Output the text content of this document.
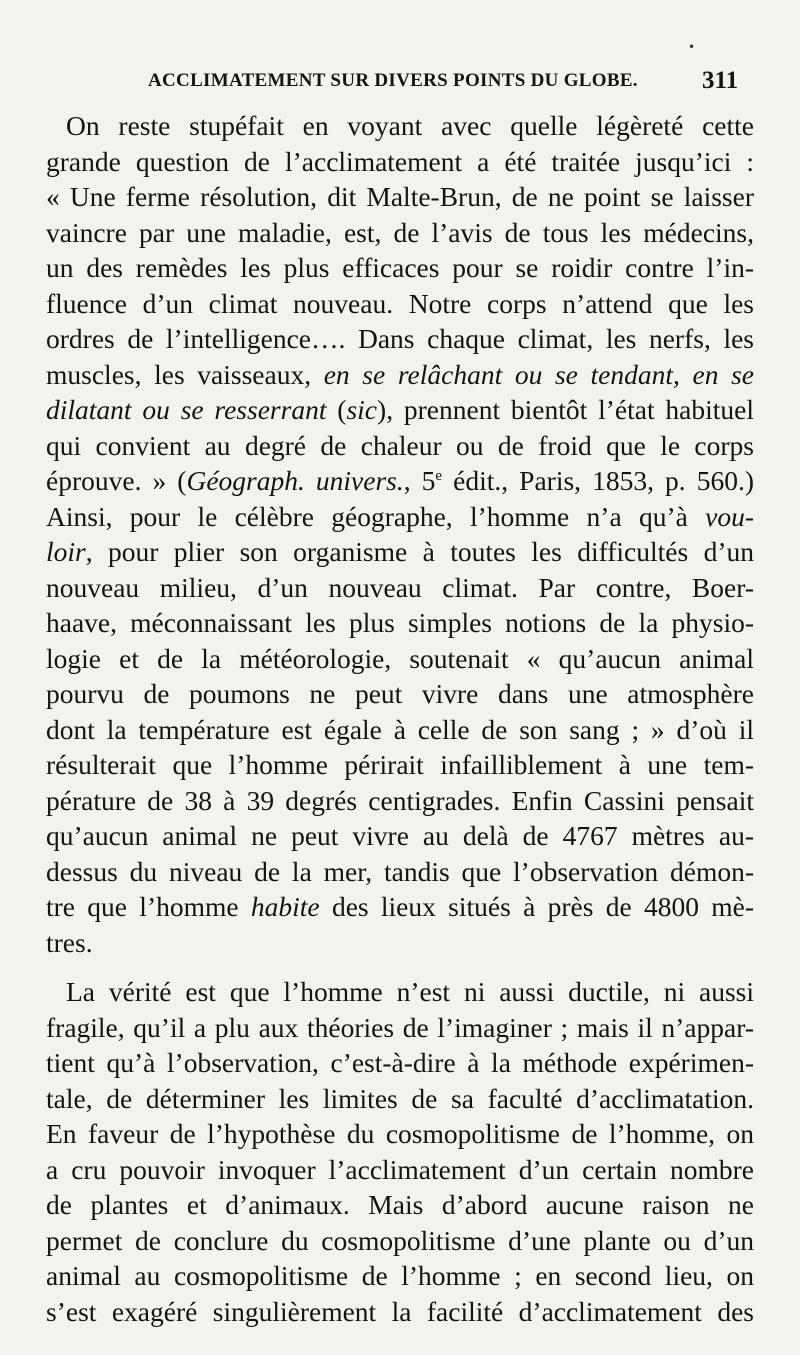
•
ACCLIMATEMENT SUR DIVERS POINTS DU GLOBE.	311
On reste stupéfait en voyant avec quelle légèreté cette
grande question de l’acclimatement a été traitée jusqu’ici :
« Une ferme résolution, dit Malte-Brun, de ne point se laisser
vaincre par une maladie, est, de l’avis de tous les médecins,
un des remèdes les plus efficaces pour se roidir contre l’in-
fluence d’un climat nouveau. Notre corps n’attend que les
ordres de l’intelligence…. Dans chaque climat, les nerfs, les
muscles, les vaisseaux, en se relâchant ou se tendant, en se
dilatant ou se resserrant (sic), prennent bientôt l’état habituel
qui convient au degré de chaleur ou de froid que le corps
éprouve. » (Géograph. univers., 5e édit., Paris, 1853, p. 560.)
Ainsi, pour le célèbre géographe, l’homme n’a qu’à vou-
loir, pour plier son organisme à toutes les difficultés d’un
nouveau milieu, d’un nouveau climat. Par contre, Boer-
haave, méconnaissant les plus simples notions de la physio-
logie et de la météorologie, soutenait « qu’aucun animal
pourvu de poumons ne peut vivre dans une atmosphère
dont la température est égale à celle de son sang ; » d’où il
résulterait que l’homme périrait infailliblement à une tem-
pérature de 38 à 39 degrés centigrades. Enfin Cassini pensait
qu’aucun animal ne peut vivre au delà de 4767 mètres au-
dessus du niveau de la mer, tandis que l’observation démon-
tre que l’homme habite des lieux situés à près de 4800 mè-
tres.
La vérité est que l’homme n’est ni aussi ductile, ni aussi
fragile, qu’il a plu aux théories de l’imaginer ; mais il n’appar-
tient qu’à l’observation, c’est-à-dire à la méthode expérimen-
tale, de déterminer les limites de sa faculté d’acclimatation.
En faveur de l’hypothèse du cosmopolitisme de l’homme, on
a cru pouvoir invoquer l’acclimatement d’un certain nombre
de plantes et d’animaux. Mais d’abord aucune raison ne
permet de conclure du cosmopolitisme d’une plante ou d’un
animal au cosmopolitisme de l’homme ; en second lieu, on
s’est exagéré singulièrement la facilité d’acclimatement des
